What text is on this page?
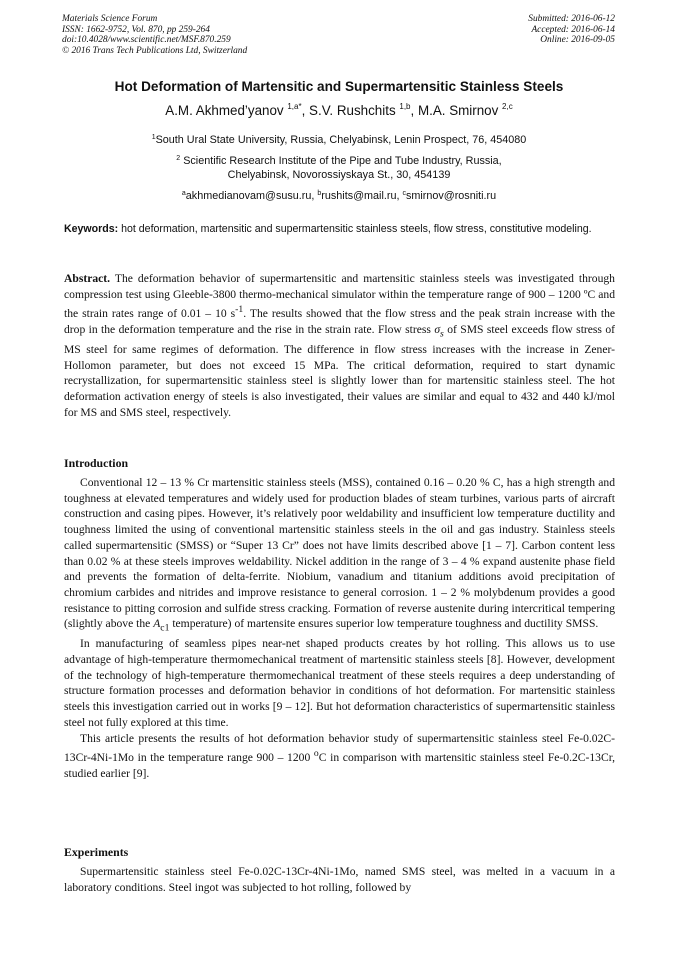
Materials Science Forum
ISSN: 1662-9752, Vol. 870, pp 259-264
doi:10.4028/www.scientific.net/MSF.870.259
© 2016 Trans Tech Publications Ltd, Switzerland
Submitted: 2016-06-12
Accepted: 2016-06-14
Online: 2016-09-05
Hot Deformation of Martensitic and Supermartensitic Stainless Steels
A.M. Akhmed’yanov $^{1,a*}$, S.V. Rushchits $^{1,b}$, M.A. Smirnov $^{2,c}$
$^1$South Ural State University, Russia, Chelyabinsk, Lenin Prospect, 76, 454080
$^2$ Scientific Research Institute of the Pipe and Tube Industry, Russia,
Chelyabinsk, Novorossiyskaya St., 30, 454139
$^a$akhmedianovam@susu.ru, $^b$rushits@mail.ru, $^c$smirnov@rosniti.ru
Keywords: hot deformation, martensitic and supermartensitic stainless steels, flow stress, constitutive modeling.
Abstract. The deformation behavior of supermartensitic and martensitic stainless steels was investigated through compression test using Gleeble-3800 thermo-mechanical simulator within the temperature range of 900 – 1200 ºC and the strain rates range of 0.01 – 10 $s^{-1}$. The results showed that the flow stress and the peak strain increase with the drop in the deformation temperature and the rise in the strain rate. Flow stress $\sigma_s$ of SMS steel exceeds flow stress of MS steel for same regimes of deformation. The difference in flow stress increases with the increase in Zener-Hollomon parameter, but does not exceed 15 MPa. The critical deformation, required to start dynamic recrystallization, for supermartensitic stainless steel is slightly lower than for martensitic stainless steel. The hot deformation activation energy of steels is also investigated, their values are similar and equal to 432 and 440 kJ/mol for MS and SMS steel, respectively.
Introduction

Conventional 12 – 13 % Cr martensitic stainless steels (MSS), contained 0.16 – 0.20 % C, has a high strength and toughness at elevated temperatures and widely used for production blades of steam turbines, various parts of aircraft construction and casing pipes. However, it’s relatively poor weldability and insufficient low temperature ductility and toughness limited the using of conventional martensitic stainless steels in the oil and gas industry. Stainless steels called supermartensitic (SMSS) or “Super 13 Cr” does not have limits described above [1 – 7]. Carbon content less than 0.02 % at these steels improves weldability. Nickel addition in the range of 3 – 4 % expand austenite phase field and prevents the formation of delta-ferrite. Niobium, vanadium and titanium additions avoid precipitation of chromium carbides and nitrides and improve resistance to general corrosion. 1 – 2 % molybdenum provides a good resistance to pitting corrosion and sulfide stress cracking. Formation of reverse austenite during intercritical tempering (slightly above the $A_{c1}$ temperature) of martensite ensures superior low temperature toughness and ductility SMSS.

In manufacturing of seamless pipes near-net shaped products creates by hot rolling. This allows us to use advantage of high-temperature thermomechanical treatment of martensitic stainless steels [8]. However, development of the technology of high-temperature thermomechanical treatment of these steels requires a deep understanding of structure formation processes and deformation behavior in conditions of hot deformation. For martensitic stainless steels this investigation carried out in works [9 – 12]. But hot deformation characteristics of supermartensitic stainless steel not fully explored at this time.

This article presents the results of hot deformation behavior study of supermartensitic stainless steel Fe-0.02C-13Cr-4Ni-1Mo in the temperature range 900 – 1200 $^o$C in comparison with martensitic stainless steel Fe-0.2C-13Cr, studied earlier [9].

Experiments

Supermartensitic stainless steel Fe-0.02C-13Cr-4Ni-1Mo, named SMS steel, was melted in a vacuum in a laboratory conditions. Steel ingot was subjected to hot rolling, followed by
